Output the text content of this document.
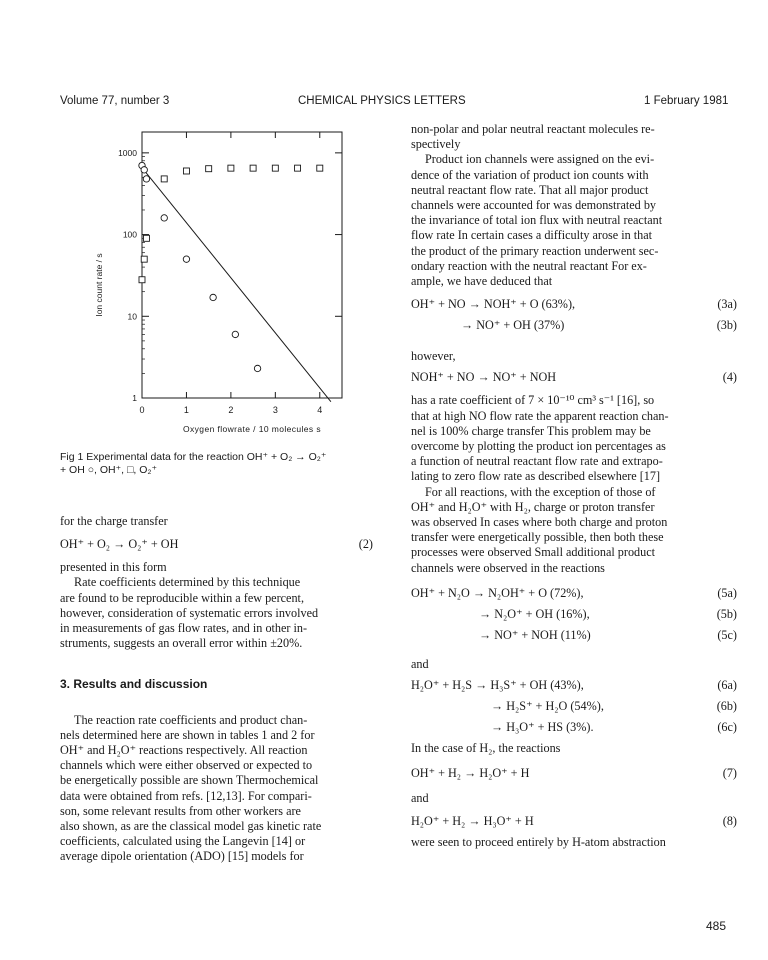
Volume 77, number 3	CHEMICAL PHYSICS LETTERS	1 February 1981
0	1	2	3	4
1
10
100
1000
Oxygen flowrate / 10 molecules s
Ion count rate / s
Fig 1 Experimental data for the reaction OH⁺ + O₂ → O₂⁺
+ OH ○, OH⁺, □, O₂⁺

for the charge transfer

OH⁺ + O₂ → O₂⁺ + OH	(2)

presented in this form

Rate coefficients determined by this technique

are found to be reproducible within a few percent,

however, consideration of systematic errors involved

in measurements of gas flow rates, and in other in-

struments, suggests an overall error within ±20%.

3. Results and discussion

The reaction rate coefficients and product chan-

nels determined here are shown in tables 1 and 2 for

OH⁺ and H₂O⁺ reactions respectively. All reaction

channels which were either observed or expected to

be energetically possible are shown Thermochemical

data were obtained from refs. [12,13]. For compari-

son, some relevant results from other workers are

also shown, as are the classical model gas kinetic rate

coefficients, calculated using the Langevin [14] or

average dipole orientation (ADO) [15] models for

non-polar and polar neutral reactant molecules re-

spectively

Product ion channels were assigned on the evi-

dence of the variation of product ion counts with

neutral reactant flow rate. That all major product

channels were accounted for was demonstrated by

the invariance of total ion flux with neutral reactant

flow rate In certain cases a difficulty arose in that

the product of the primary reaction underwent sec-

ondary reaction with the neutral reactant For ex-

ample, we have deduced that

OH⁺ + NO → NOH⁺ + O (63%),	(3a)
→ NO⁺ + OH (37%)	(3b)

however,

NOH⁺ + NO → NO⁺ + NOH	(4)

has a rate coefficient of 7 × 10⁻¹⁰ cm³ s⁻¹ [16], so

that at high NO flow rate the apparent reaction chan-

nel is 100% charge transfer This problem may be

overcome by plotting the product ion percentages as

a function of neutral reactant flow rate and extrapo-

lating to zero flow rate as described elsewhere [17]

For all reactions, with the exception of those of

OH⁺ and H₂O⁺ with H₂, charge or proton transfer

was observed In cases where both charge and proton

transfer were energetically possible, then both these

processes were observed Small additional product

channels were observed in the reactions

OH⁺ + N₂O → N₂OH⁺ + O (72%),	(5a)
→ N₂O⁺ + OH (16%),	(5b)
→ NO⁺ + NOH (11%)	(5c)

and

H₂O⁺ + H₂S → H₃S⁺ + OH (43%),	(6a)
→ H₂S⁺ + H₂O (54%),	(6b)
→ H₃O⁺ + HS (3%).	(6c)

In the case of H₂, the reactions

OH⁺ + H₂ → H₂O⁺ + H	(7)

and

H₂O⁺ + H₂ → H₃O⁺ + H	(8)

were seen to proceed entirely by H-atom abstraction

485
